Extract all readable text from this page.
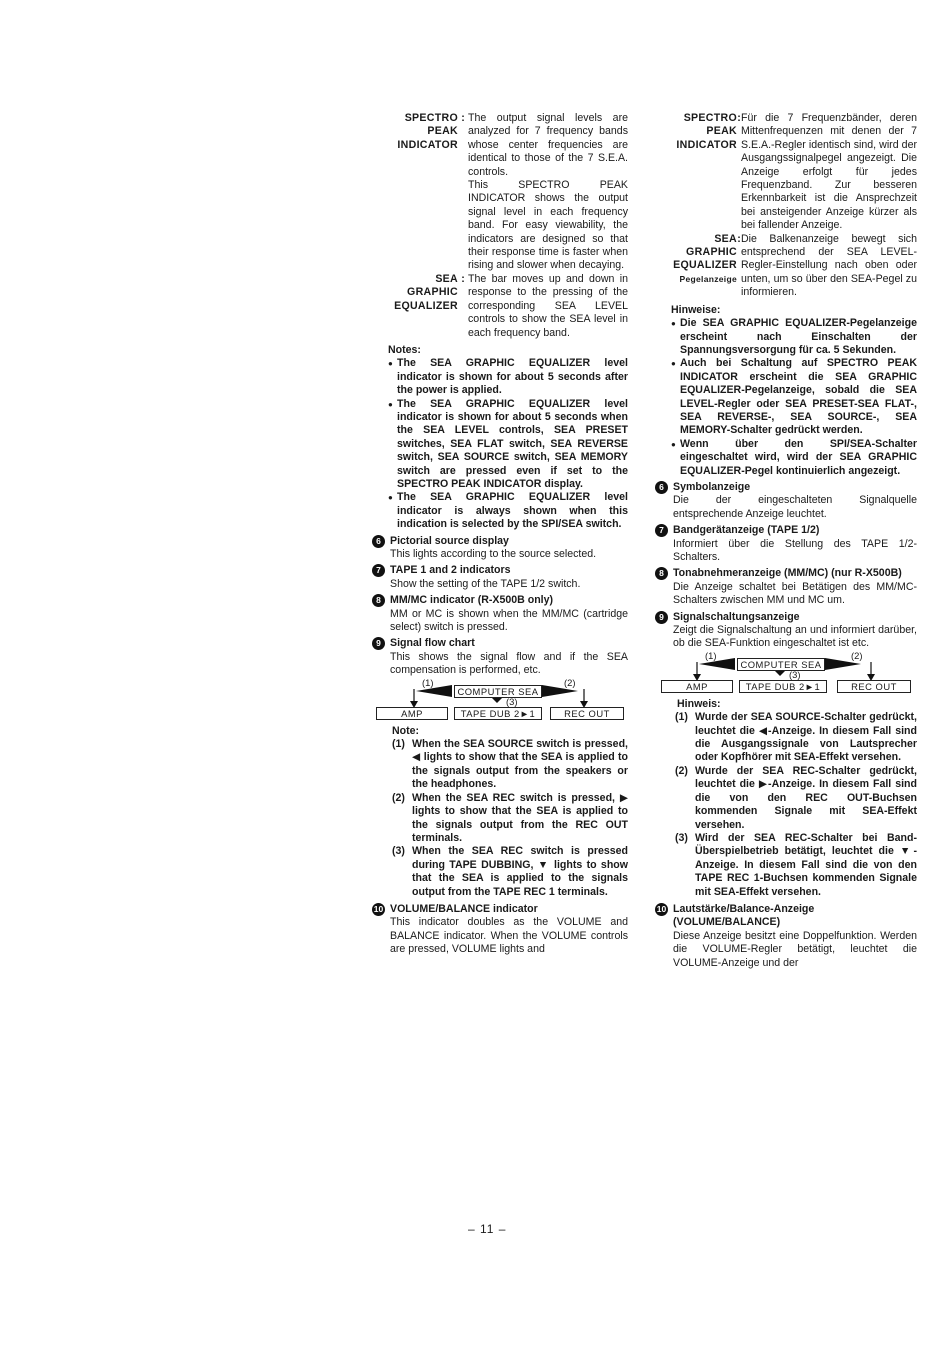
SPECTRO
PEAK
INDICATOR
: The output signal levels are analyzed for 7 frequency bands whose center frequencies are identical to those of the 7 S.E.A. controls.

This SPECTRO PEAK INDICATOR shows the output signal level in each frequency band. For easy viewability, the indicators are designed so that their response time is faster when rising and slower when decaying.

SEA
GRAPHIC
EQUALIZER
: The bar moves up and down in response to the pressing of the corresponding SEA LEVEL controls to show the SEA level in each frequency band.
Notes:
● The SEA GRAPHIC EQUALIZER level indicator is shown for about 5 seconds after the power is applied.
● The SEA GRAPHIC EQUALIZER level indicator is shown for about 5 seconds when the SEA LEVEL controls, SEA PRESET switches, SEA FLAT switch, SEA REVERSE switch, SEA SOURCE switch, SEA MEMORY switch are pressed even if set to the SPECTRO PEAK INDICATOR display.
● The SEA GRAPHIC EQUALIZER level indicator is always shown when this indication is selected by the SPI/SEA switch.
6 Pictorial source display
This lights according to the source selected.
7 TAPE 1 and 2 indicators
Show the setting of the TAPE 1/2 switch.
8 MM/MC indicator (R-X500B only)
MM or MC is shown when the MM/MC (cartridge select) switch is pressed.
9 Signal flow chart
This shows the signal flow and if the SEA compensation is performed, etc.
(1)	(2)
COMPUTER SEA
(3)
AMP	TAPE DUB 2►1	REC OUT
Note:
(1) When the SEA SOURCE switch is pressed, ◀ lights to show that the SEA is applied to the signals output from the speakers or the headphones.
(2) When the SEA REC switch is pressed, ▶ lights to show that the SEA is applied to the signals output from the REC OUT terminals.
(3) When the SEA REC switch is pressed during TAPE DUBBING, ▼ lights to show that the SEA is applied to the signals output from the TAPE REC 1 terminals.
10 VOLUME/BALANCE indicator
This indicator doubles as the VOLUME and BALANCE indicator. When the VOLUME controls are pressed, VOLUME lights and
SPECTRO
PEAK
INDICATOR
: Für die 7 Frequenzbänder, deren Mittenfrequenzen mit denen der 7 S.E.A.-Regler identisch sind, wird der Ausgangssignalpegel angezeigt. Die Anzeige erfolgt für jedes Frequenzband. Zur besseren Erkennbarkeit ist die Ansprechzeit bei ansteigender Anzeige kürzer als bei fallender Anzeige.
SEA
GRAPHIC
EQUALIZER
Pegelanzeige
: Die Balkenanzeige bewegt sich entsprechend der SEA LEVEL-Regler-Einstellung nach oben oder unten, um so über den SEA-Pegel zu informieren.
Hinweise:
● Die SEA GRAPHIC EQUALIZER-Pegelanzeige erscheint nach Einschalten der Spannungsversorgung für ca. 5 Sekunden.
● Auch bei Schaltung auf SPECTRO PEAK INDICATOR erscheint die SEA GRAPHIC EQUALIZER-Pegelanzeige, sobald die SEA LEVEL-Regler oder SEA PRESET-SEA FLAT-, SEA REVERSE-, SEA SOURCE-, SEA MEMORY-Schalter gedrückt werden.
● Wenn über den SPI/SEA-Schalter eingeschaltet wird, wird der SEA GRAPHIC EQUALIZER-Pegel kontinuierlich angezeigt.
6 Symbolanzeige
Die der eingeschalteten Signalquelle entsprechende Anzeige leuchtet.
7 Bandgerätanzeige (TAPE 1/2)
Informiert über die Stellung des TAPE 1/2-Schalters.
8 Tonabnehmeranzeige (MM/MC) (nur R-X500B)
Die Anzeige schaltet bei Betätigen des MM/MC-Schalters zwischen MM und MC um.
9 Signalschaltungsanzeige
Zeigt die Signalschaltung an und informiert darüber, ob die SEA-Funktion eingeschaltet ist etc.
(1)	(2)
COMPUTER SEA
(3)
AMP	TAPE DUB 2►1	REC OUT
Hinweis:
(1) Wurde der SEA SOURCE-Schalter gedrückt, leuchtet die ◀-Anzeige. In diesem Fall sind die Ausgangssignale von Lautsprecher oder Kopfhörer mit SEA-Effekt versehen.
(2) Wurde der SEA REC-Schalter gedrückt, leuchtet die ▶-Anzeige. In diesem Fall sind die von den REC OUT-Buchsen kommenden Signale mit SEA-Effekt versehen.
(3) Wird der SEA REC-Schalter bei Band-Überspielbetrieb betätigt, leuchtet die ▼-Anzeige. In diesem Fall sind die von den TAPE REC 1-Buchsen kommenden Signale mit SEA-Effekt versehen.
10 Lautstärke/Balance-Anzeige (VOLUME/BALANCE)
Diese Anzeige besitzt eine Doppelfunktion. Werden die VOLUME-Regler betätigt, leuchtet die VOLUME-Anzeige und der
– 11 –
